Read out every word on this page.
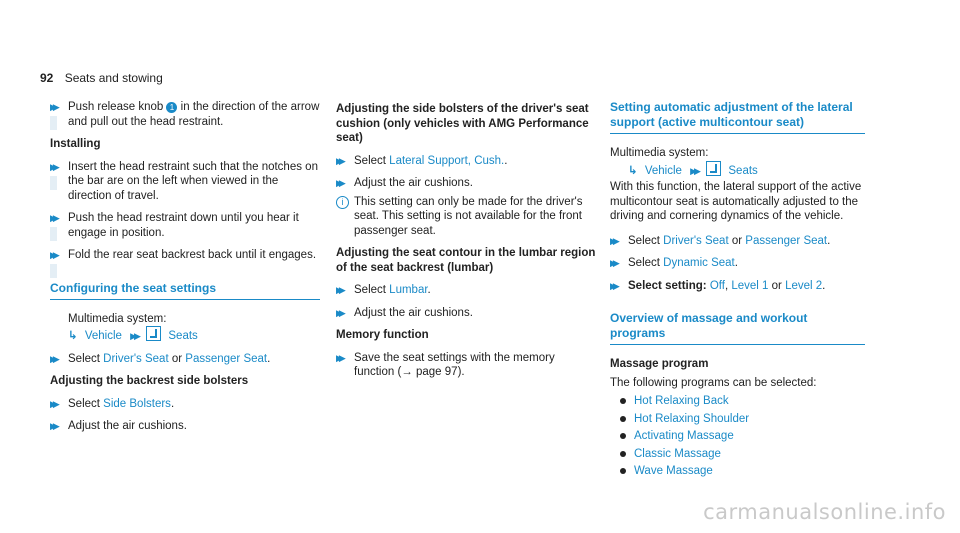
92 Seats and stowing
▶▶
Push release knob 1 in the direction of the arrow and pull out the head restraint.
Installing
▶▶
Insert the head restraint such that the notches on the bar are on the left when viewed in the direction of travel.
▶▶
Push the head restraint down until you hear it engage in position.
▶▶
Fold the rear seat backrest back until it engages.
Configuring the seat settings
Multimedia system:
↳ Vehicle ▶▶	Seats
▶▶
Select Driver's Seat or Passenger Seat.
Adjusting the backrest side bolsters
▶▶
Select Side Bolsters.
▶▶
Adjust the air cushions.
Adjusting the side bolsters of the driver's seat cushion (only vehicles with AMG Performance seat)
▶▶
Select Lateral Support, Cush..
▶▶
Adjust the air cushions.
i This setting can only be made for the driver's seat. This setting is not available for the front passenger seat.
Adjusting the seat contour in the lumbar region of the seat backrest (lumbar)
▶▶
Select Lumbar.
▶▶
Adjust the air cushions.
Memory function
▶▶
Save the seat settings with the memory function (→ page 97).
Setting automatic adjustment of the lateral support (active multicontour seat)
Multimedia system:
↳ Vehicle ▶▶	Seats

With this function, the lateral support of the active multicontour seat is automatically adjusted to the driving and cornering dynamics of the vehicle.

▶▶
Select Driver's Seat or Passenger Seat.
▶▶
Select Dynamic Seat.
▶▶
Select setting: Off, Level 1 or Level 2.
Overview of massage and workout programs
Massage program
The following programs can be selected:
Hot Relaxing Back
Hot Relaxing Shoulder
Activating Massage
Classic Massage
Wave Massage
carmanualsonline.info
